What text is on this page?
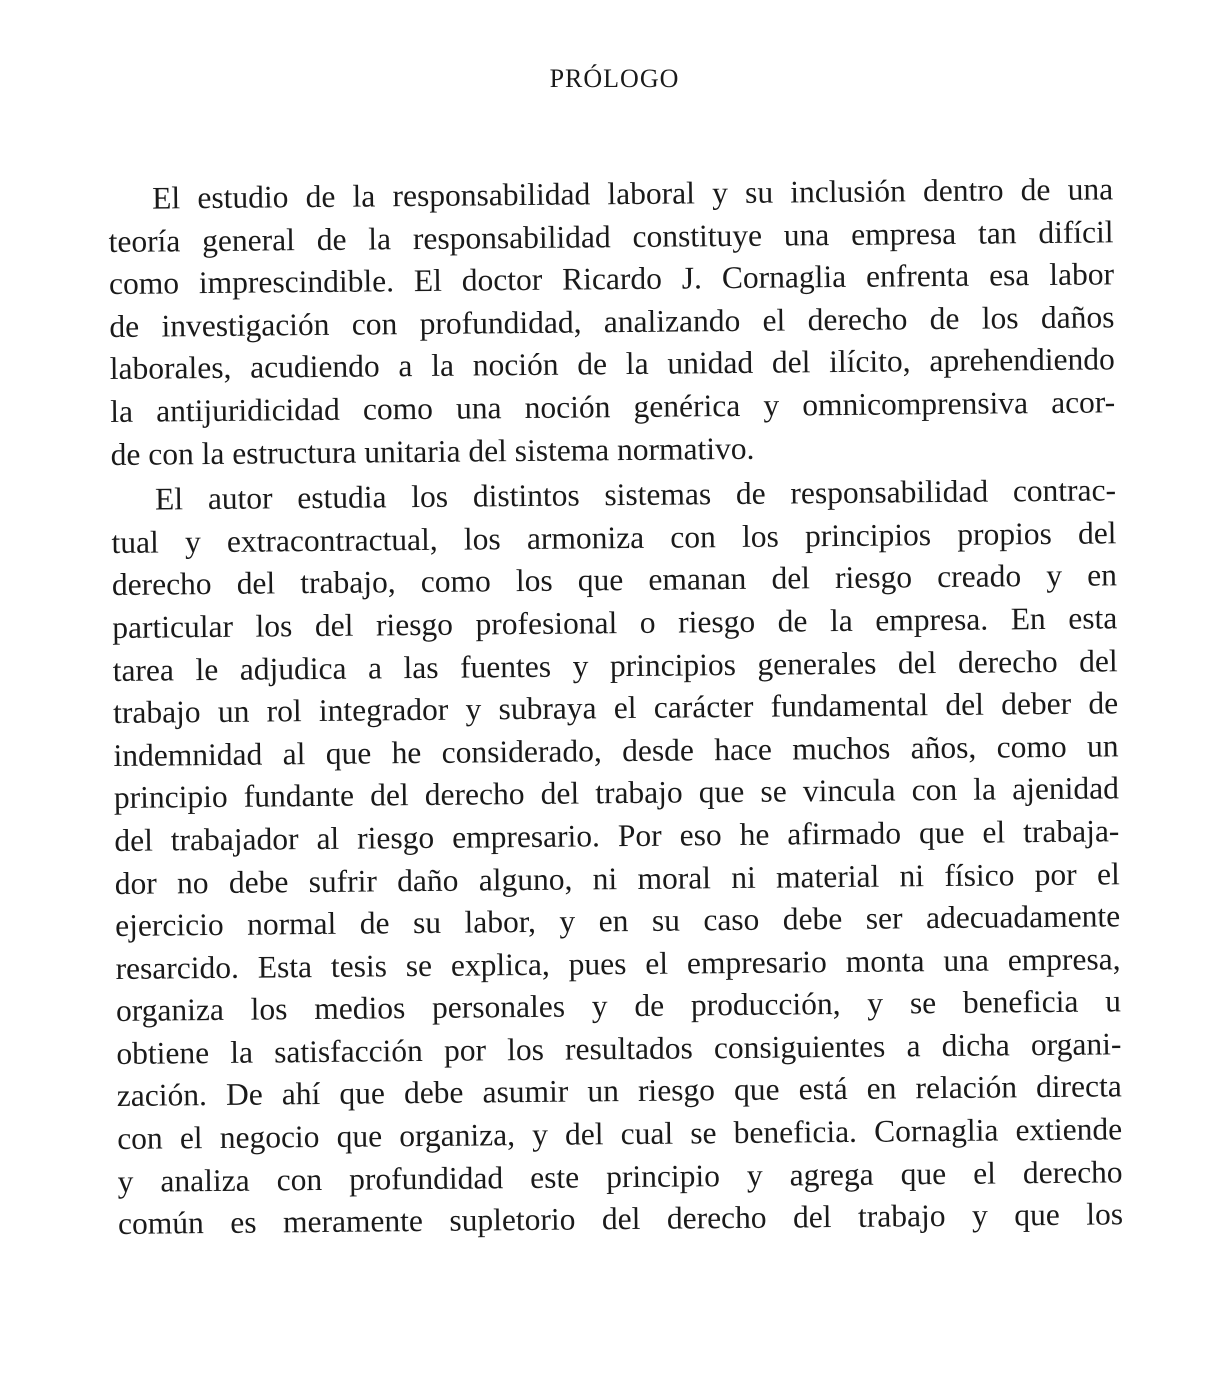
PRÓLOGO
El estudio de la responsabilidad laboral y su inclusión dentro de una
teoría general de la responsabilidad constituye una empresa tan difícil
como imprescindible. El doctor Ricardo J. Cornaglia enfrenta esa labor
de investigación con profundidad, analizando el derecho de los daños
laborales, acudiendo a la noción de la unidad del ilícito, aprehendiendo
la antijuridicidad como una noción genérica y omnicomprensiva acor-
de con la estructura unitaria del sistema normativo.
El autor estudia los distintos sistemas de responsabilidad contrac-
tual y extracontractual, los armoniza con los principios propios del
derecho del trabajo, como los que emanan del riesgo creado y en
particular los del riesgo profesional o riesgo de la empresa. En esta
tarea le adjudica a las fuentes y principios generales del derecho del
trabajo un rol integrador y subraya el carácter fundamental del deber de
indemnidad al que he considerado, desde hace muchos años, como un
principio fundante del derecho del trabajo que se vincula con la ajenidad
del trabajador al riesgo empresario. Por eso he afirmado que el trabaja-
dor no debe sufrir daño alguno, ni moral ni material ni físico por el
ejercicio normal de su labor, y en su caso debe ser adecuadamente
resarcido. Esta tesis se explica, pues el empresario monta una empresa,
organiza los medios personales y de producción, y se beneficia u
obtiene la satisfacción por los resultados consiguientes a dicha organi-
zación. De ahí que debe asumir un riesgo que está en relación directa
con el negocio que organiza, y del cual se beneficia. Cornaglia extiende
y analiza con profundidad este principio y agrega que el derecho
común es meramente supletorio del derecho del trabajo y que los
